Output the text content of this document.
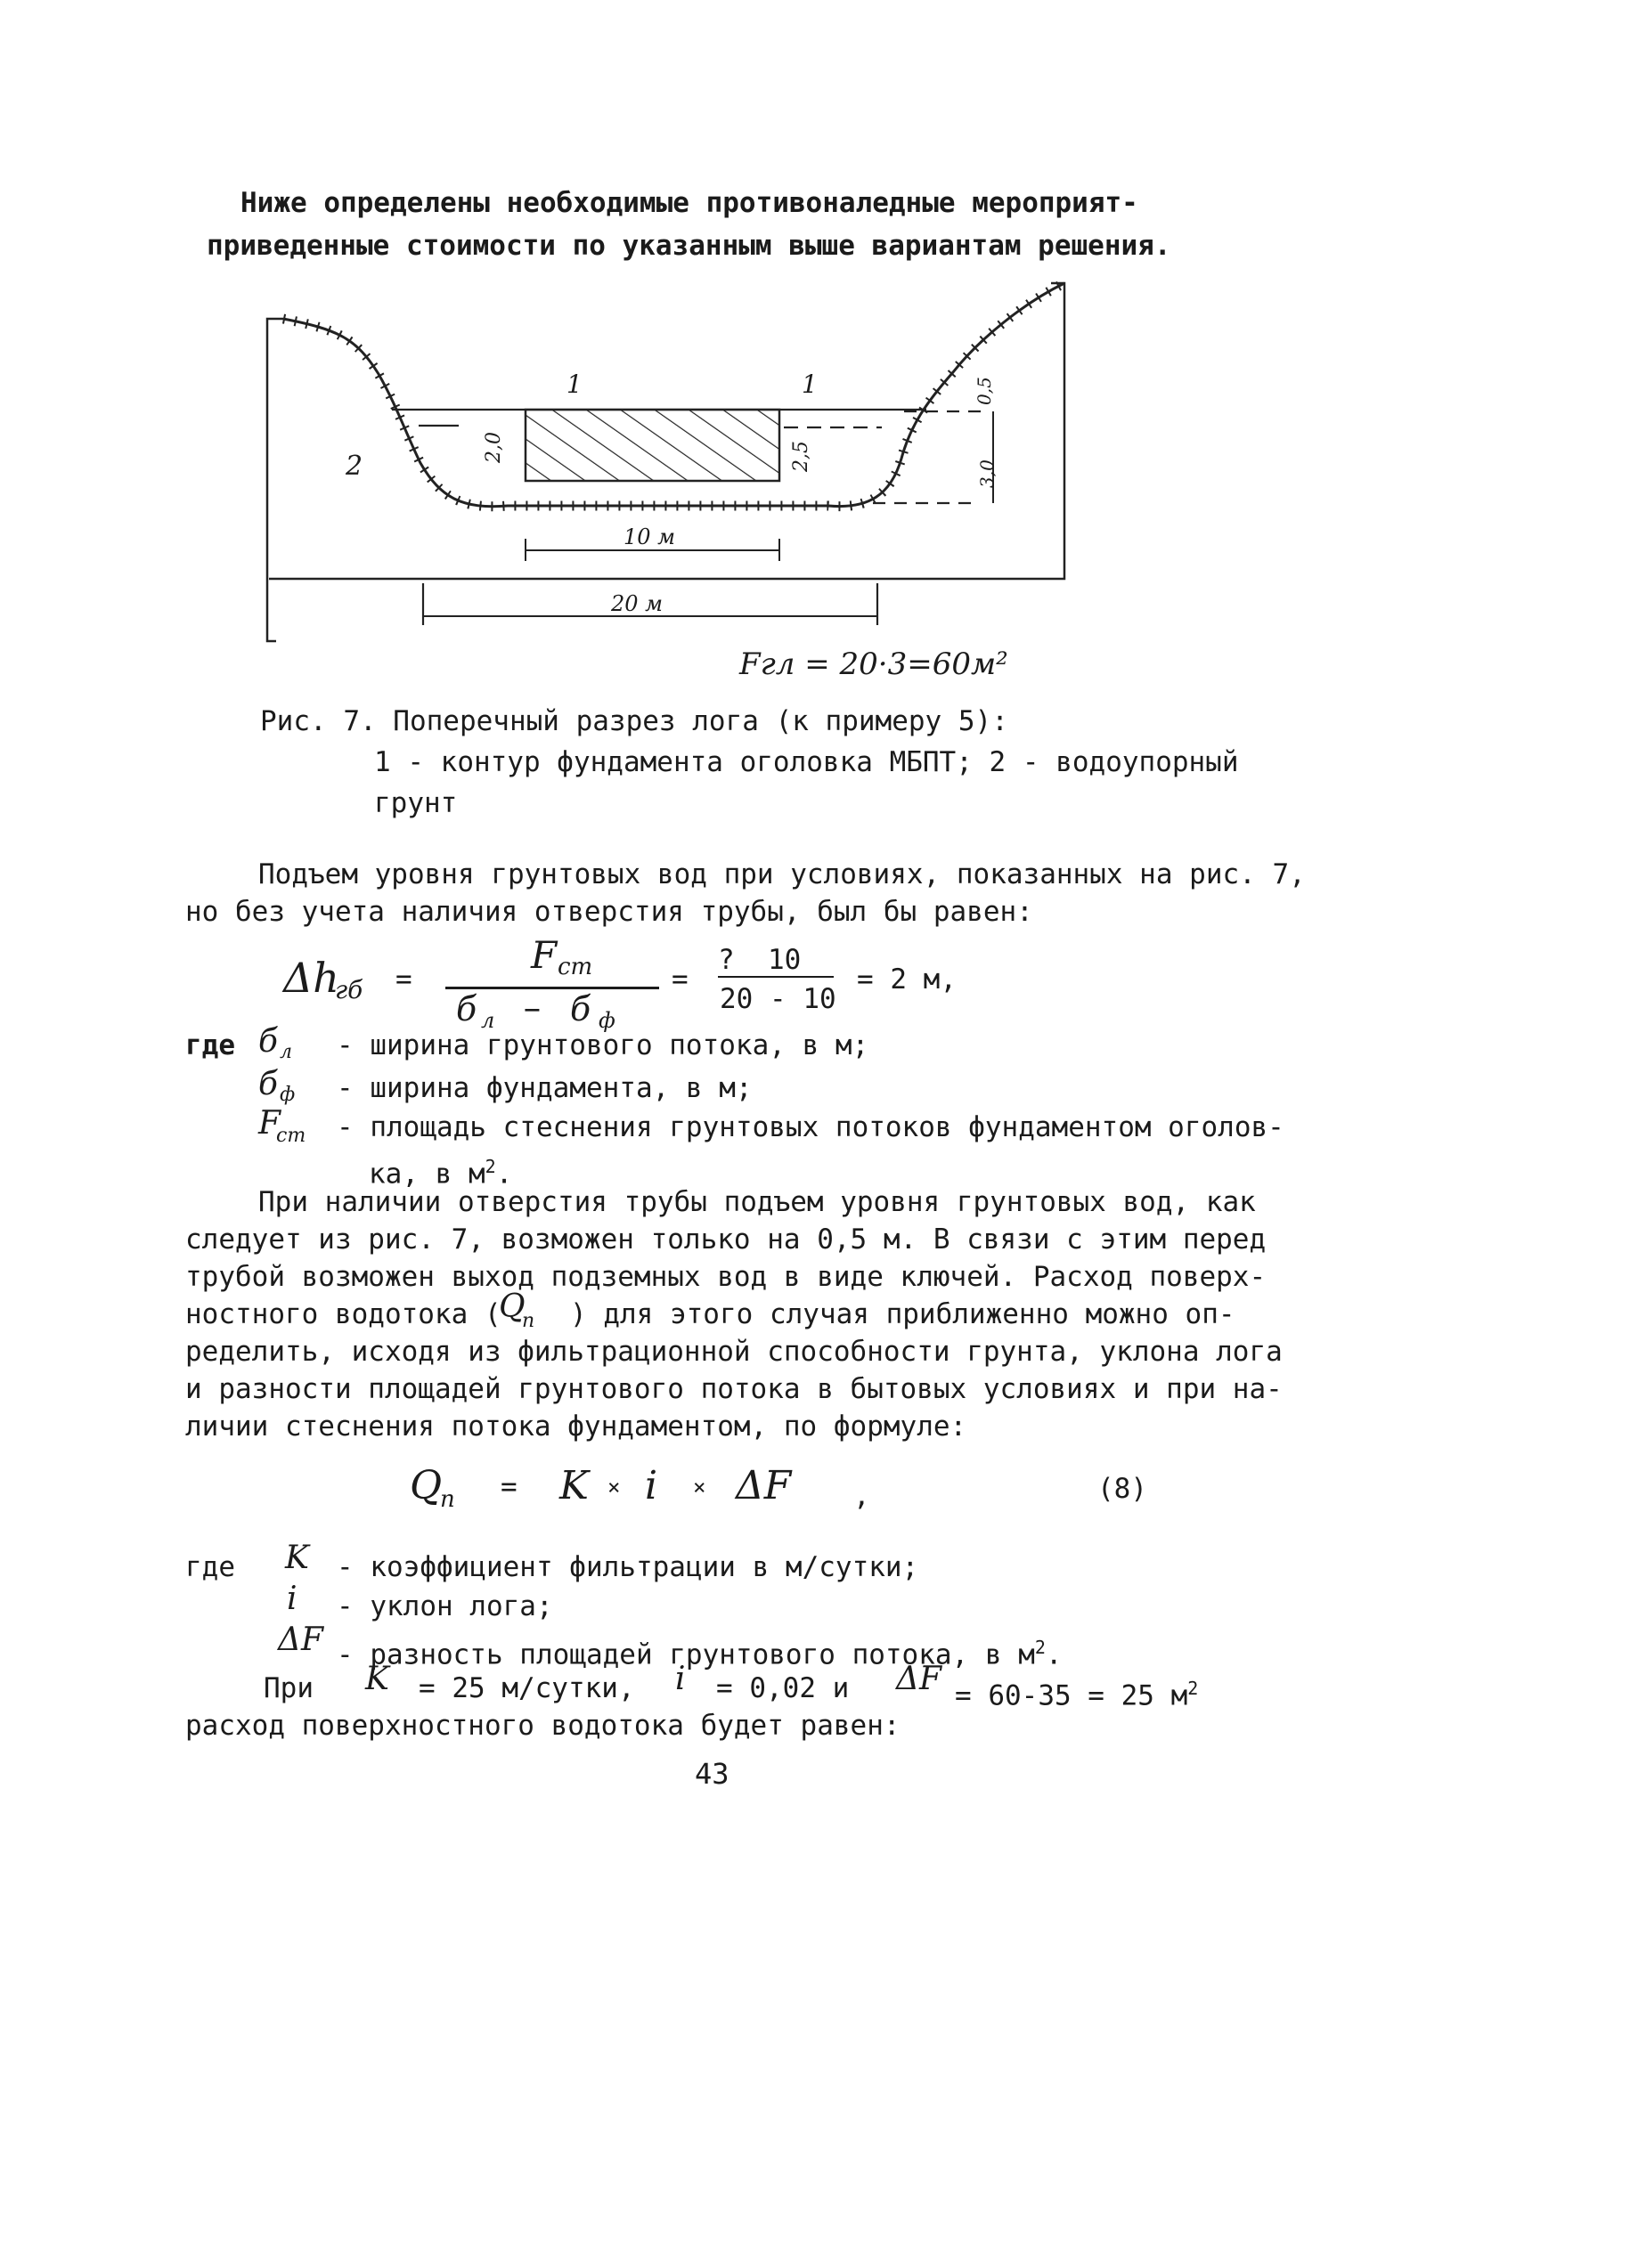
Ниже определены необходимые противоналедные мероприят-
приведенные стоимости по указанным выше вариантам решения.
1	1
2
2,0	2,5
0,5
3,0
10 м
20 м
Fгл = 20·3=60м²
Рис. 7. Поперечный разрез лога (к примеру 5):
1 - контур фундамента оголовка МБПТ; 2 - водоупорный
грунт
Подъем уровня грунтовых вод при условиях, показанных на рис. 7,
но без учета наличия отверстия трубы, был бы равен:
Δh
гб =
F ст
б л − б ф
=
?  10
20 - 10
= 2 м,
где б л - ширина грунтового потока, в м;
б ф - ширина фундамента, в м;
F
ст - площадь стеснения грунтовых потоков фундаментом оголов-
ка, в $м^2$.
При наличии отверстия трубы подъем уровня грунтовых вод, как
следует из рис. 7, возможен только на 0,5 м. В связи с этим перед
трубой возможен выход подземных вод в виде ключей. Расход поверх-
ностного водотока (
Q
п ) для этого случая приближенно можно оп-
ределить, исходя из фильтрационной способности грунта, уклона лога
и разности площадей грунтового потока в бытовых условиях и при на-
личии стеснения потока фундаментом, по формуле:
Q
п = K × i × ΔF ,	(8)
где K - коэффициент фильтрации в м/сутки;
i - уклон лога;
ΔF - разность площадей грунтового потока, в $м^2$.
При K = 25 м/сутки, i = 0,02 и ΔF = 60-35 = 25 $м^2$
расход поверхностного водотока будет равен:
43
